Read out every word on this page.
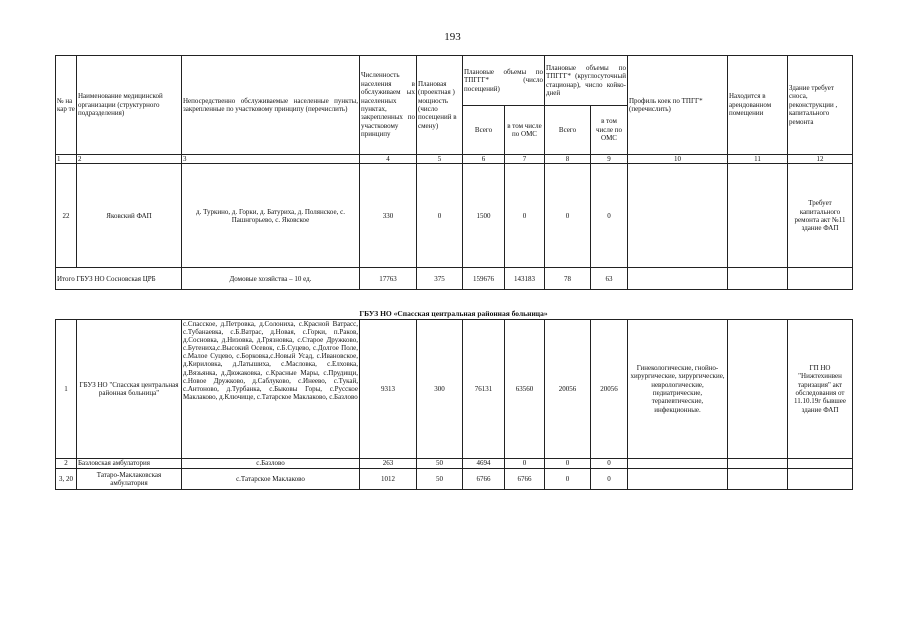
193
№ на кар те	Наименование медицинской организации (структурного подразделения)	Непосредственно обслуживаемые населенные пункты, закрепленные по участковому принципу (перечислить)	Численность населения в обслуживаем ых населенных пунктах, закрепленных по участковому принципу	Плановая (проектная ) мощность (число посещений в смену)	Плановые объемы по ТПГГГ* (число посещений)		Плановые объемы по ТПГГГ* (круглосуточный стационар), число койко-дней		Профиль коек по ТПГГ* (перечислить)	Находится в арендованном помещении	Здание требует сноса, реконструкции , капитального ремонта
					Всего	в том числе по ОМС	Всего	в том числе по ОМС			
1	2	3	4	5	6	7	8	9	10	11	12
22	Яковский ФАП	д. Туркино, д. Горки, д. Батуриха, д. Полянское, с. Пашнгорьево, с. Яковское	330	0	1500	0	0	0			Требует капитального ремонта акт №11 здание ФАП
Итого ГБУЗ НО Сосновская ЦРБ		Домовые хозяйства – 10 ед.	17763	375	159676	143183	78	63			
ГБУЗ НО «Спасская центральная районная больница»
1	ГБУЗ НО "Спасская центральная районная больница"	с.Спасское, д.Петровка, д.Солониха, с.Красной Ватрасс, с.Тубанаевка, с.Б.Ватрас, д.Новая, с.Горки, п.Раков, д.Сосновка, д.Низовка, д.Грязновка, с.Старое Дружково, с.Бутениха,с.Высокий Осевок, с.Б.Суцево, с.Долгое Поле, с.Малое Суцево, с.Борковка,с.Новый Усад, с.Ивановское, д.Кириловка, д.Латышиха, с.Масловка, с.Елховка, д.Вязьянка, д.Дюжаковка, с.Красные Мары, с.Прудищи, с.Новое Дружково, д.Саблуково, с.Инеево, с.Тукай, с.Антоново, д.Турбанка, с.Быковы Горы, с.Русское Маклаково, д.Ключище, с.Татарское Маклаково, с.Базлово	9313	300	76131	63560	20056	20056	Гинекологические, гнойно-хирургические, хирургические, неврологические, педиатрические, терапевтические, инфекционные.		ГП НО "Нижтехинвен таризация" акт обследования от 11.10.19г бывшее здание ФАП
2	Базловская амбулатория	с.Базлово	263	50	4694	0	0	0			
3, 20	Татаро-Маклаковская амбулатория	с.Татарское Маклаково	1012	50	6766	6766	0	0			
